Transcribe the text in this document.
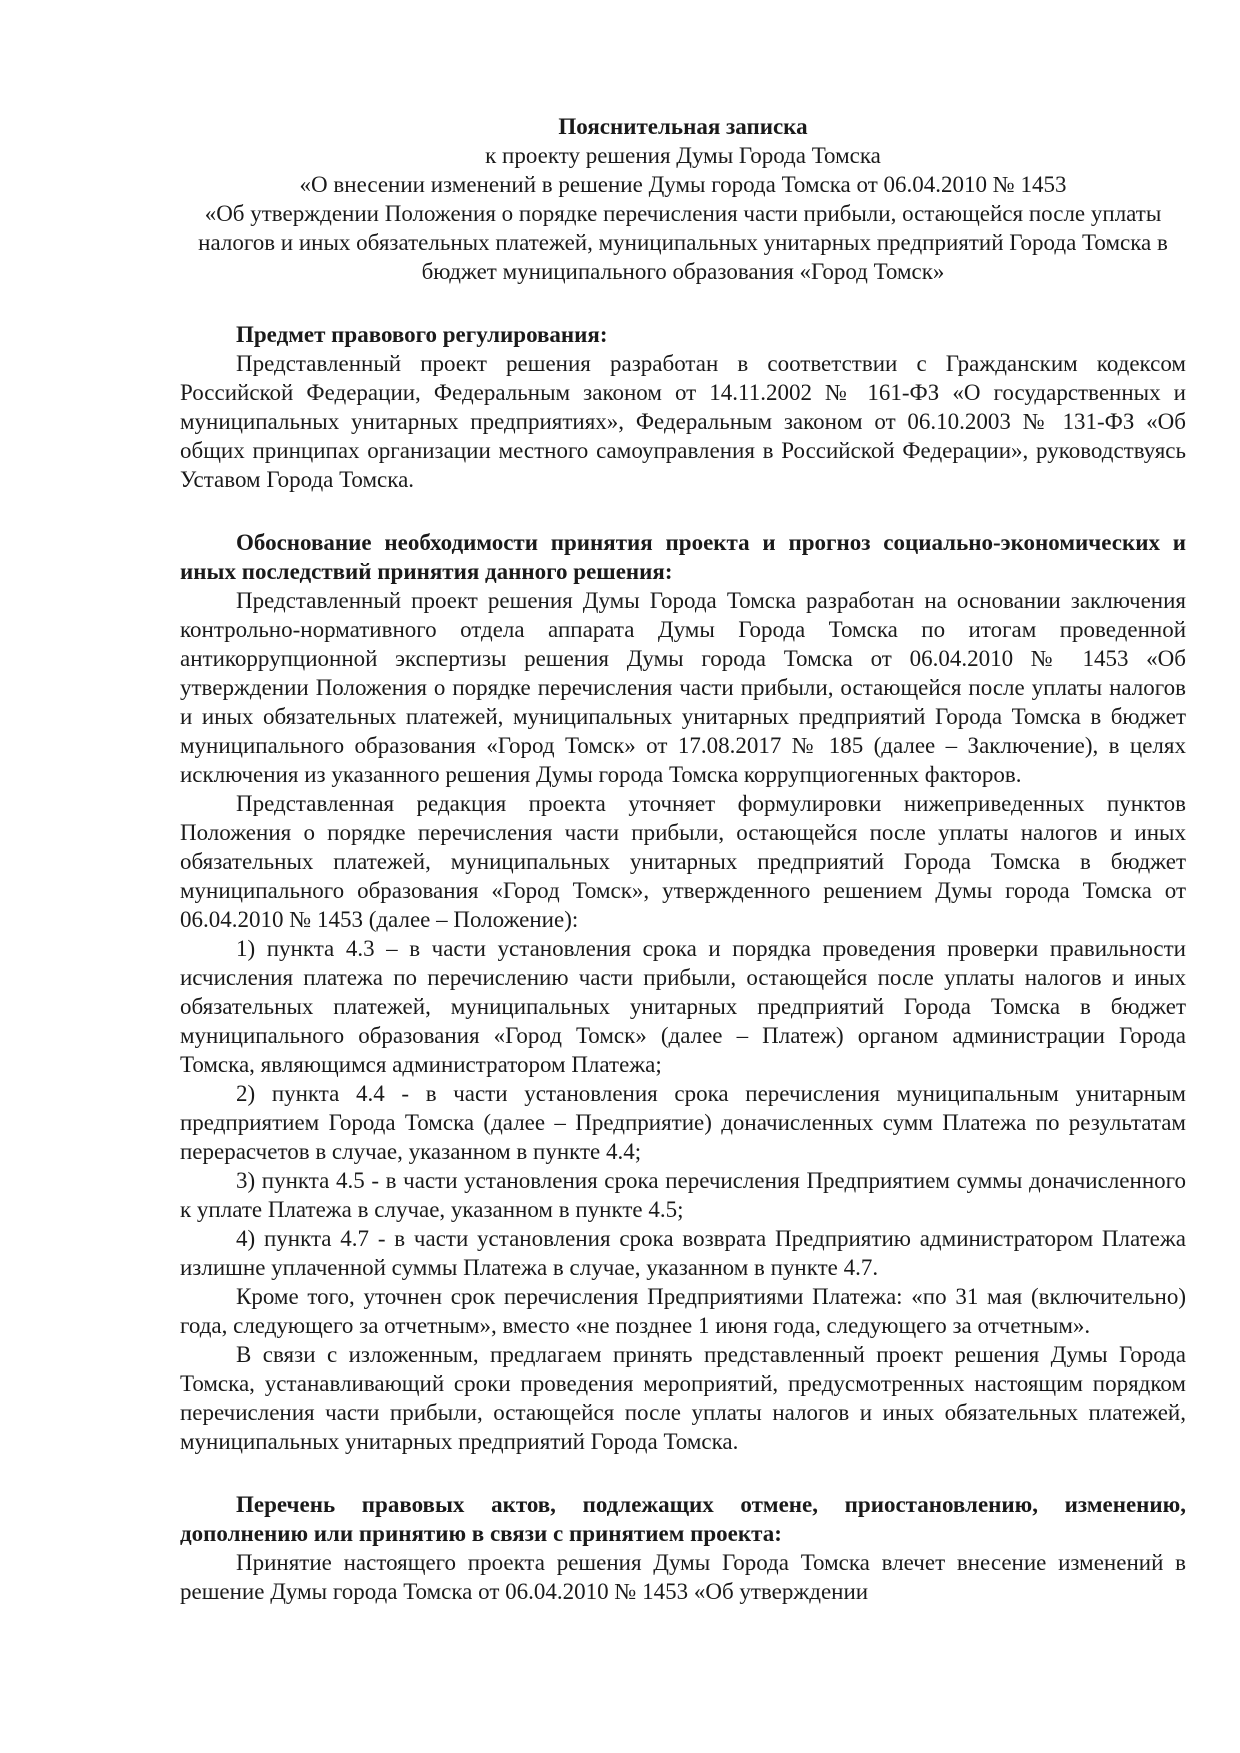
Пояснительная записка

к проекту решения Думы Города Томска

«О внесении изменений в решение Думы города Томска от 06.04.2010 № 1453

«Об утверждении Положения о порядке перечисления части прибыли, остающейся после уплаты налогов и иных обязательных платежей, муниципальных унитарных предприятий Города Томска в бюджет муниципального образования «Город Томск»

Предмет правового регулирования:

Представленный проект решения разработан в соответствии с Гражданским кодексом Российской Федерации, Федеральным законом от 14.11.2002 № 161-ФЗ «О государственных и муниципальных унитарных предприятиях», Федеральным законом от 06.10.2003 № 131-ФЗ «Об общих принципах организации местного самоуправления в Российской Федерации», руководствуясь Уставом Города Томска.

Обоснование необходимости принятия проекта и прогноз социально-экономических и иных последствий принятия данного решения:

Представленный проект решения Думы Города Томска разработан на основании заключения контрольно-нормативного отдела аппарата Думы Города Томска по итогам проведенной антикоррупционной экспертизы решения Думы города Томска от 06.04.2010 № 1453 «Об утверждении Положения о порядке перечисления части прибыли, остающейся после уплаты налогов и иных обязательных платежей, муниципальных унитарных предприятий Города Томска в бюджет муниципального образования «Город Томск» от 17.08.2017 № 185 (далее – Заключение), в целях исключения из указанного решения Думы города Томска коррупциогенных факторов.

Представленная редакция проекта уточняет формулировки нижеприведенных пунктов Положения о порядке перечисления части прибыли, остающейся после уплаты налогов и иных обязательных платежей, муниципальных унитарных предприятий Города Томска в бюджет муниципального образования «Город Томск», утвержденного решением Думы города Томска от 06.04.2010 № 1453 (далее – Положение):

1) пункта 4.3 – в части установления срока и порядка проведения проверки правильности исчисления платежа по перечислению части прибыли, остающейся после уплаты налогов и иных обязательных платежей, муниципальных унитарных предприятий Города Томска в бюджет муниципального образования «Город Томск» (далее – Платеж) органом администрации Города Томска, являющимся администратором Платежа;

2) пункта 4.4 - в части установления срока перечисления муниципальным унитарным предприятием Города Томска (далее – Предприятие) доначисленных сумм Платежа по результатам перерасчетов в случае, указанном в пункте 4.4;

3) пункта 4.5 - в части установления срока перечисления Предприятием суммы доначисленного к уплате Платежа в случае, указанном в пункте 4.5;

4) пункта 4.7 - в части установления срока возврата Предприятию администратором Платежа излишне уплаченной суммы Платежа в случае, указанном в пункте 4.7.

Кроме того, уточнен срок перечисления Предприятиями Платежа: «по 31 мая (включительно) года, следующего за отчетным», вместо «не позднее 1 июня года, следующего за отчетным».

В связи с изложенным, предлагаем принять представленный проект решения Думы Города Томска, устанавливающий сроки проведения мероприятий, предусмотренных настоящим порядком перечисления части прибыли, остающейся после уплаты налогов и иных обязательных платежей, муниципальных унитарных предприятий Города Томска.

Перечень правовых актов, подлежащих отмене, приостановлению, изменению, дополнению или принятию в связи с принятием проекта:

Принятие настоящего проекта решения Думы Города Томска влечет внесение изменений в решение Думы города Томска от 06.04.2010 № 1453 «Об утверждении
